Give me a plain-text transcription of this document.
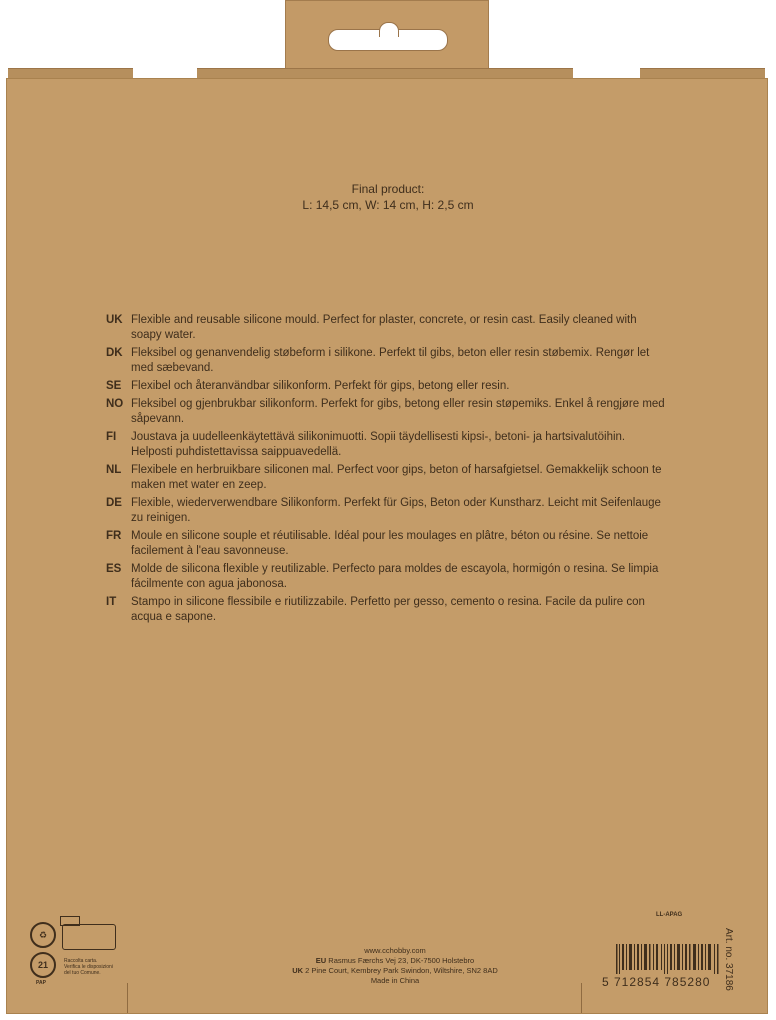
Final product:
L: 14,5 cm, W: 14 cm, H: 2,5 cm
UK Flexible and reusable silicone mould. Perfect for plaster, concrete, or resin cast. Easily cleaned with soapy water.
DK Fleksibel og genanvendelig støbeform i silikone. Perfekt til gibs, beton eller resin støbemix. Rengør let med sæbevand.
SE Flexibel och återanvändbar silikonform. Perfekt för gips, betong eller resin.
NO Fleksibel og gjenbrukbar silikonform. Perfekt for gibs, betong eller resin støpemiks. Enkel å rengjøre med såpevann.
FI	Joustava ja uudelleenkäytettävä silikonimuotti. Sopii täydellisesti kipsi-, betoni- ja hartsivalutöihin. Helposti puhdistettavissa saippuavedellä.
NL Flexibele en herbruikbare siliconen mal. Perfect voor gips, beton of harsafgietsel. Gemakkelijk schoon te maken met water en zeep.
DE Flexible, wiederverwendbare Silikonform. Perfekt für Gips, Beton oder Kunstharz. Leicht mit Seifenlauge zu reinigen.
FR Moule en silicone souple et réutilisable. Idéal pour les moulages en plâtre, béton ou résine. Se nettoie facilement à l'eau savonneuse.
ES Molde de silicona flexible y reutilizable. Perfecto para moldes de escayola, hormigón o resina. Se limpia fácilmente con agua jabonosa.
IT	Stampo in silicone flessibile e riutilizzabile. Perfetto per gesso, cemento o resina. Facile da pulire con acqua e sapone.
♻
21
PAP
Raccolta carta. Verifica le disposizioni del tuo Comune.
www.cchobby.com
EU Rasmus Færchs Vej 23, DK-7500 Holstebro
UK 2 Pine Court, Kembrey Park Swindon, Wiltshire, SN2 8AD
Made in China
LL-APAG
5 712854 785280	Art. no. 37186
